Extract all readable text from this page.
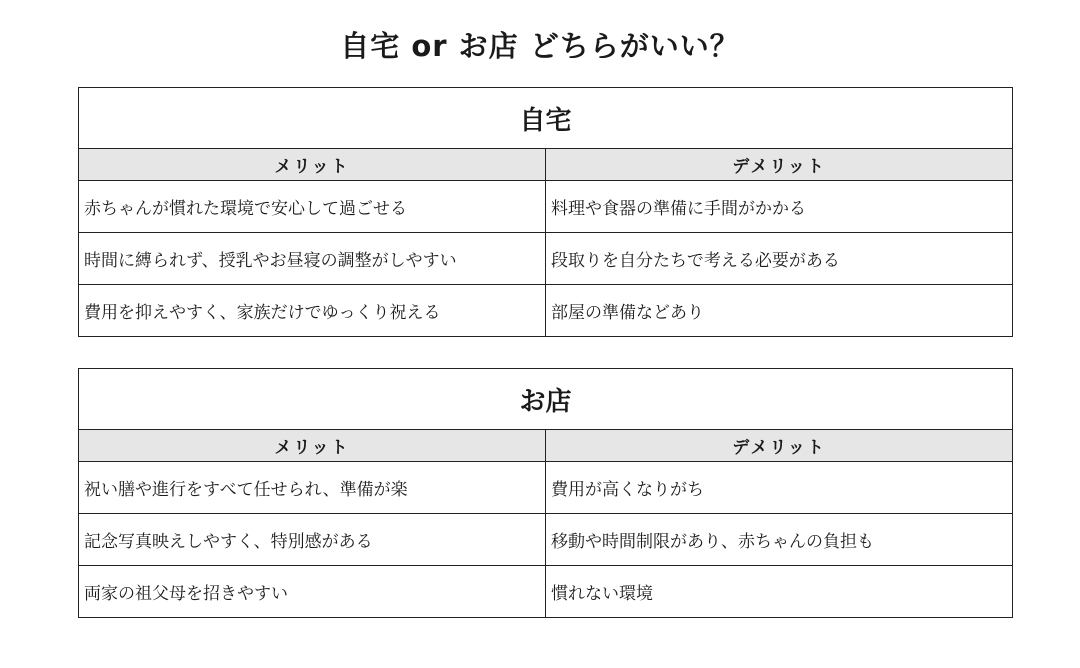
自宅 or お店 どちらがいい？
自宅	
メリット	デメリット
赤ちゃんが慣れた環境で安心して過ごせる	料理や食器の準備に手間がかかる
時間に縛られず、授乳やお昼寝の調整がしやすい	段取りを自分たちで考える必要がある
費用を抑えやすく、家族だけでゆっくり祝える	部屋の準備などあり
お店	
メリット	デメリット
祝い膳や進行をすべて任せられ、準備が楽	費用が高くなりがち
記念写真映えしやすく、特別感がある	移動や時間制限があり、赤ちゃんの負担も
両家の祖父母を招きやすい	慣れない環境
